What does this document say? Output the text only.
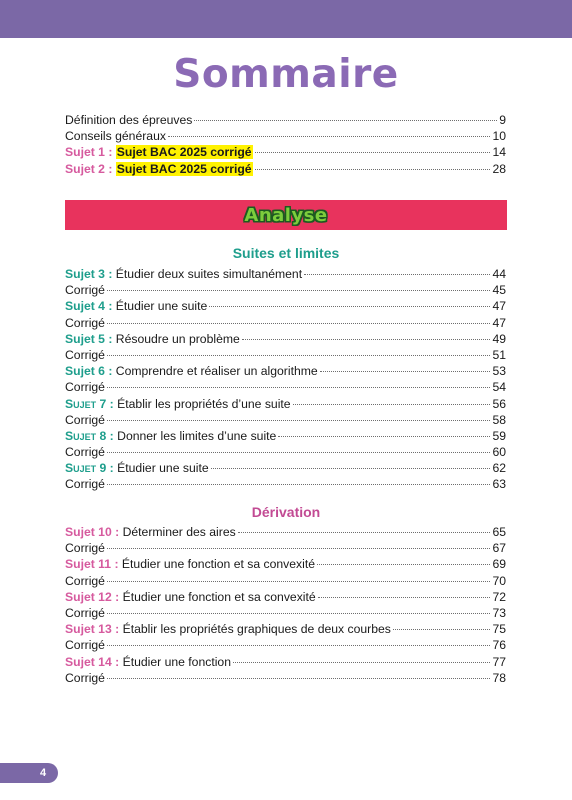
Sommaire
Définition des épreuves	9
Conseils généraux	10
Sujet 1 : Sujet BAC 2025 corrigé	14
Sujet 2 : Sujet BAC 2025 corrigé	28
Analyse
Suites et limites
Sujet 3 : Étudier deux suites simultanément	44
Corrigé	45
Sujet 4 : Étudier une suite	47
Corrigé	47
Sujet 5 : Résoudre un problème	49
Corrigé	51
Sujet 6 : Comprendre et réaliser un algorithme	53
Corrigé	54
Sujet 7 : Établir les propriétés d’une suite	56
Corrigé	58
Sujet 8 : Donner les limites d’une suite	59
Corrigé	60
Sujet 9 : Étudier une suite	62
Corrigé	63
Dérivation
Sujet 10 : Déterminer des aires	65
Corrigé	67
Sujet 11 : Étudier une fonction et sa convexité	69
Corrigé	70
Sujet 12 : Étudier une fonction et sa convexité	72
Corrigé	73
Sujet 13 : Établir les propriétés graphiques de deux courbes	75
Corrigé	76
Sujet 14 : Étudier une fonction	77
Corrigé	78
4
